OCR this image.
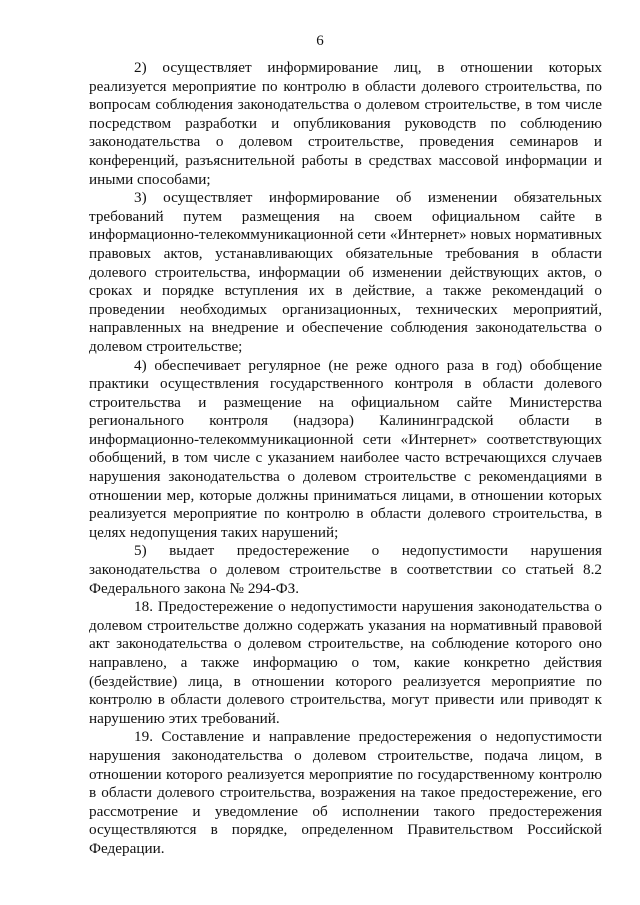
6

2) осуществляет информирование лиц, в отношении которых реализуется мероприятие по контролю в области долевого строительства, по вопросам соблюдения законодательства о долевом строительстве, в том числе посредством разработки и опубликования руководств по соблюдению законодательства о долевом строительстве, проведения семинаров и конференций, разъяснительной работы в средствах массовой информации и иными способами;

3) осуществляет информирование об изменении обязательных требований путем размещения на своем официальном сайте в информационно-телекоммуникационной сети «Интернет» новых нормативных правовых актов, устанавливающих обязательные требования в области долевого строительства, информации об изменении действующих актов, о сроках и порядке вступления их в действие, а также рекомендаций о проведении необходимых организационных, технических мероприятий, направленных на внедрение и обеспечение соблюдения законодательства о долевом строительстве;

4) обеспечивает регулярное (не реже одного раза в год) обобщение практики осуществления государственного контроля в области долевого строительства и размещение на официальном сайте Министерства регионального контроля (надзора) Калининградской области в информационно-телекоммуникационной сети «Интернет» соответствующих обобщений, в том числе с указанием наиболее часто встречающихся случаев нарушения законодательства о долевом строительстве с рекомендациями в отношении мер, которые должны приниматься лицами, в отношении которых реализуется мероприятие по контролю в области долевого строительства, в целях недопущения таких нарушений;

5) выдает предостережение о недопустимости нарушения законодательства о долевом строительстве в соответствии со статьей 8.2 Федерального закона № 294-ФЗ.

18. Предостережение о недопустимости нарушения законодательства о долевом строительстве должно содержать указания на нормативный правовой акт законодательства о долевом строительстве, на соблюдение которого оно направлено, а также информацию о том, какие конкретно действия (бездействие) лица, в отношении которого реализуется мероприятие по контролю в области долевого строительства, могут привести или приводят к нарушению этих требований.

19. Составление и направление предостережения о недопустимости нарушения законодательства о долевом строительстве, подача лицом, в отношении которого реализуется мероприятие по государственному контролю в области долевого строительства, возражения на такое предостережение, его рассмотрение и уведомление об исполнении такого предостережения осуществляются в порядке, определенном Правительством Российской Федерации.
